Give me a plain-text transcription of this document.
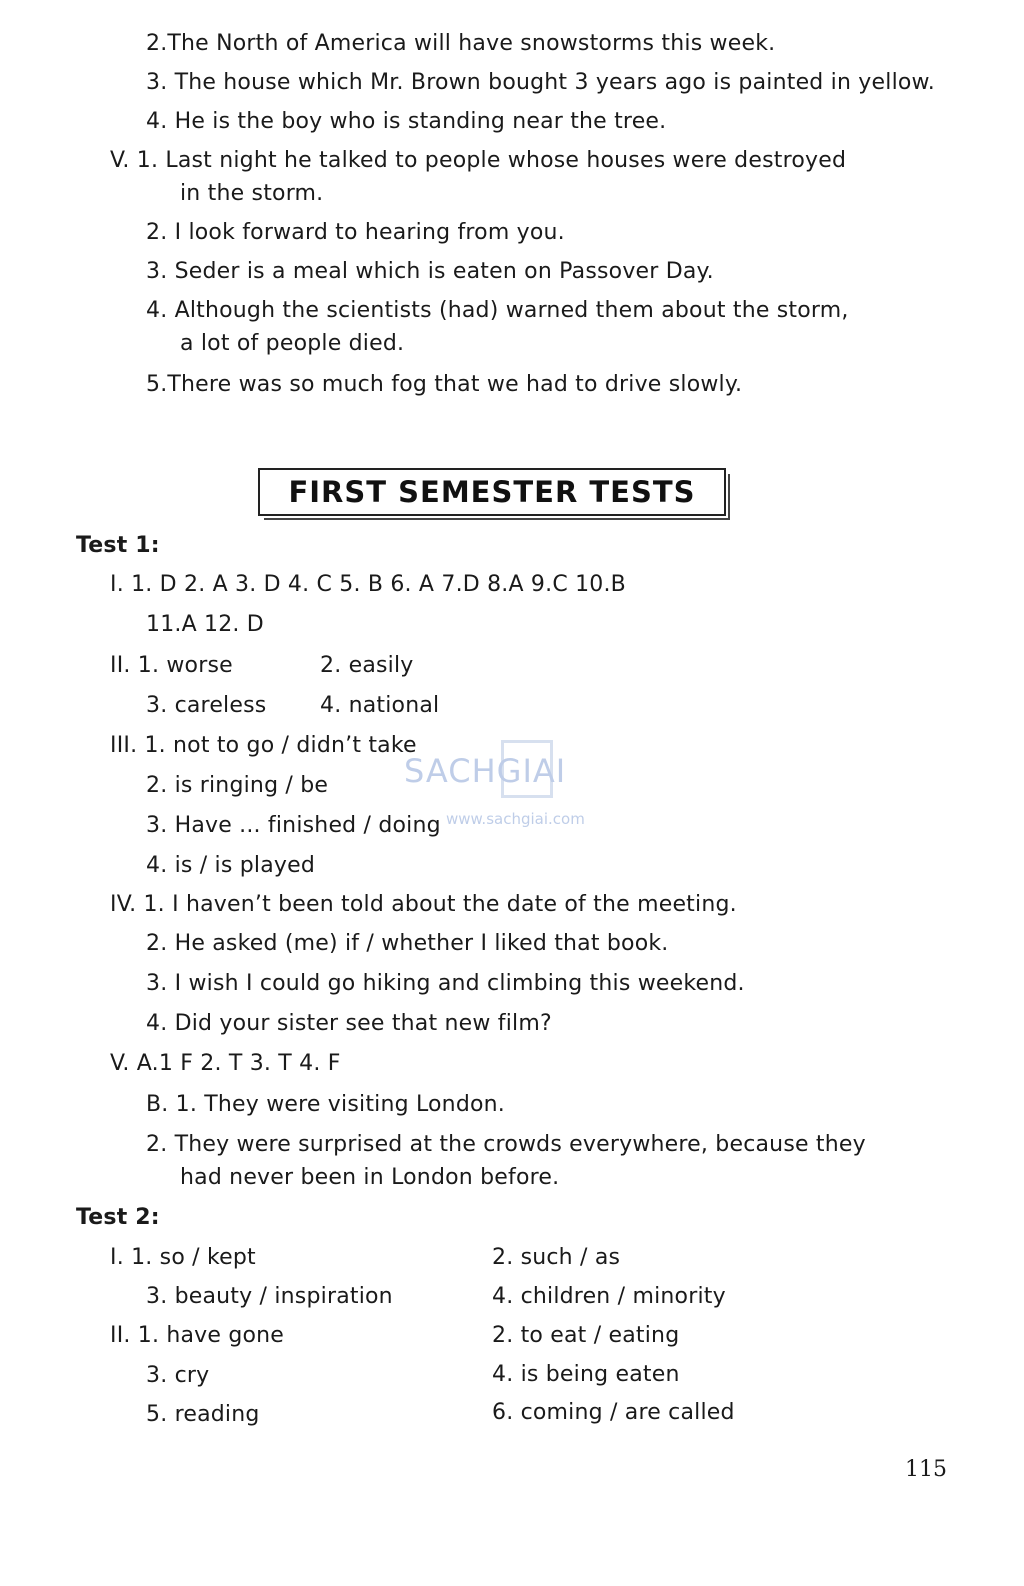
2.The North of America will have snowstorms this week.
3. The house which Mr. Brown bought 3 years ago is painted in yellow.
4. He is the boy who is standing near the tree.
V. 1. Last night he talked to people whose houses were destroyed
in the storm.
2. I look forward to hearing from you.
3. Seder is a meal which is eaten on Passover Day.
4. Although the scientists (had) warned them about the storm,
a lot of people died.
5.There was so much fog that we had to drive slowly.
FIRST SEMESTER TESTS
Test 1:
I. 1. D 2. A 3. D 4. C 5. B 6. A 7.D 8.A 9.C 10.B
11.A 12. D
II. 1. worse	2. easily
3. careless 4. national
III. 1. not to go / didn’t take
2. is ringing / be
3. Have ... finished / doing
4. is / is played
IV. 1. I haven’t been told about the date of the meeting.
2. He asked (me) if / whether I liked that book.
3. I wish I could go hiking and climbing this weekend.
4. Did your sister see that new film?
V. A.1 F 2. T 3. T 4. F
B. 1. They were visiting London.
2. They were surprised at the crowds everywhere, because they
had never been in London before.
Test 2:
I. 1. so / kept	2. such / as
3. beauty / inspiration	4. children / minority
II. 1. have gone	2. to eat / eating
3. cry	4. is being eaten
5. reading	6. coming / are called
SACHGIAI
www.sachgiai.com
115
